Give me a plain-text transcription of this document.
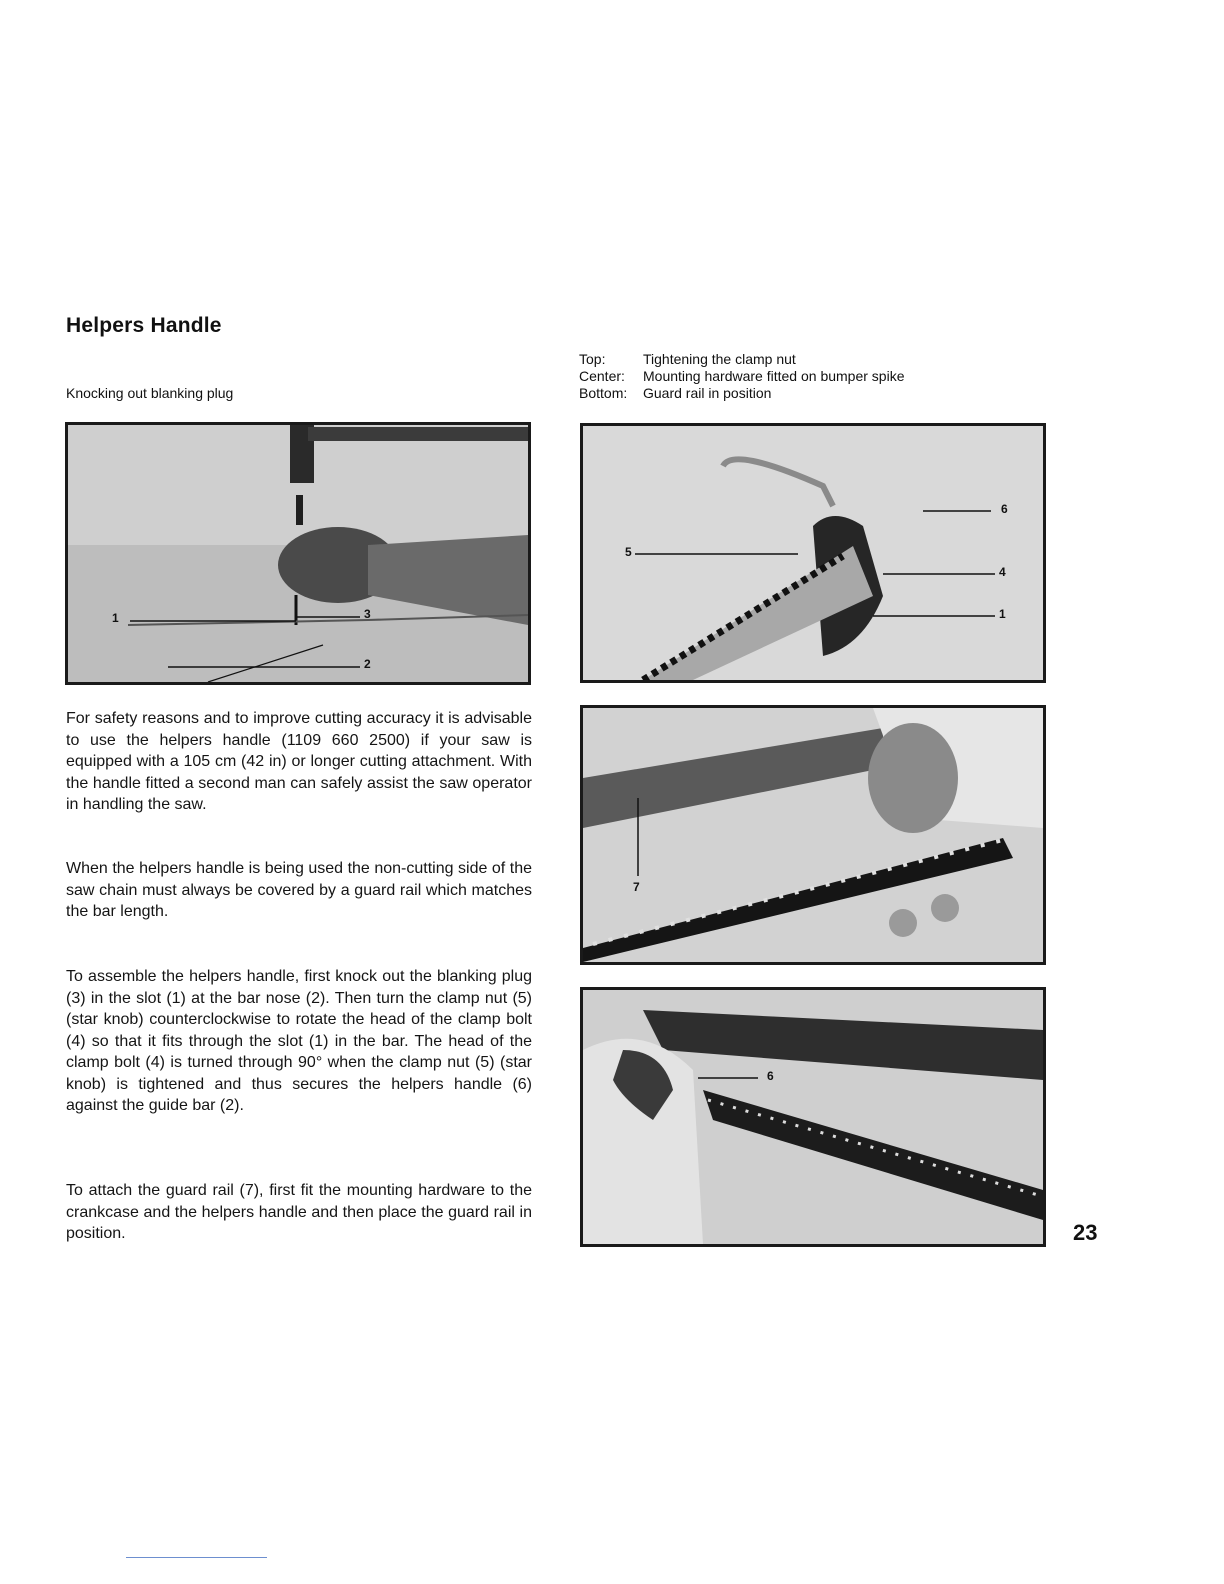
Helpers Handle
Knocking out blanking plug
Top:	Tightening the clamp nut
Center:	Mounting hardware fitted on bumper spike
Bottom:	Guard rail in position
1	3
2
6
5
4
1
7
6

For safety reasons and to improve cutting accuracy it is advisable to use the helpers handle (1109 660 2500) if your saw is equipped with a 105 cm (42 in) or longer cutting attachment. With the handle fitted a second man can safely assist the saw operator in handling the saw.

When the helpers handle is being used the non-cutting side of the saw chain must always be covered by a guard rail which matches the bar length.

To assemble the helpers handle, first knock out the blanking plug (3) in the slot (1) at the bar nose (2). Then turn the clamp nut (5) (star knob) counterclockwise to rotate the head of the clamp bolt (4) so that it fits through the slot (1) in the bar. The head of the clamp bolt (4) is turned through 90° when the clamp nut (5) (star knob) is tightened and thus secures the helpers handle (6) against the guide bar (2).

To attach the guard rail (7), first fit the mounting hardware to the crankcase and the helpers handle and then place the guard rail in position.	23
